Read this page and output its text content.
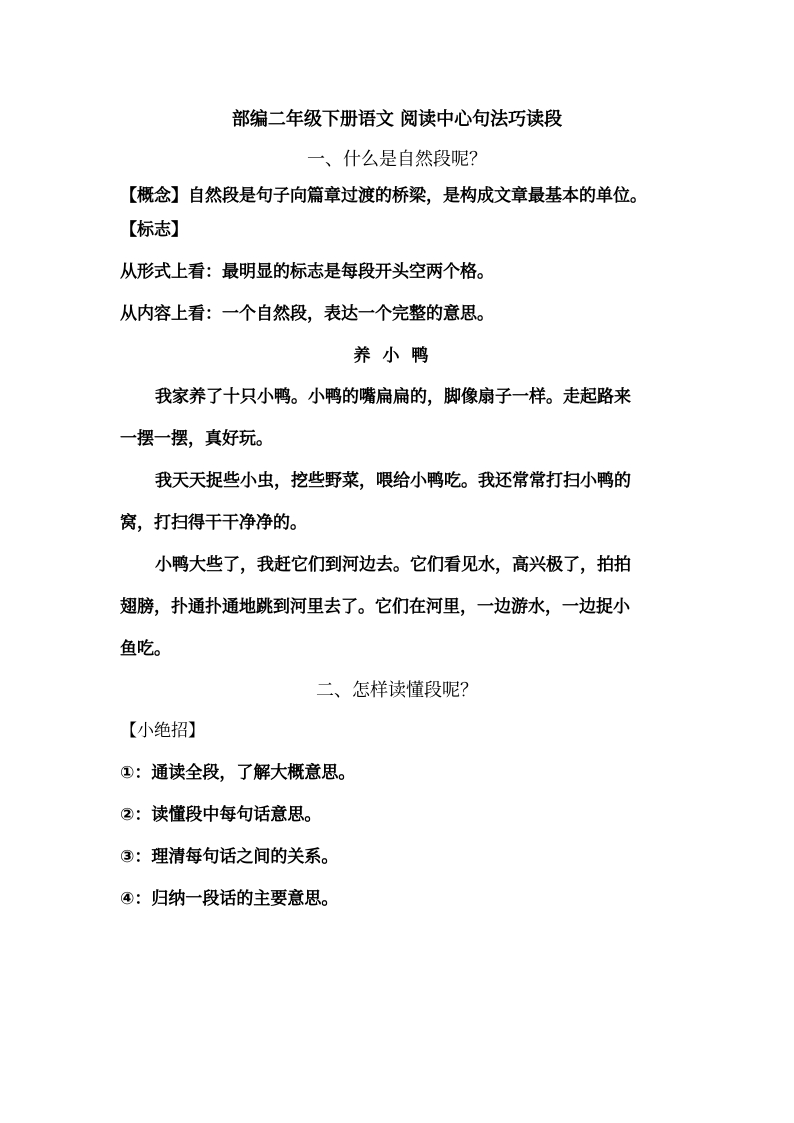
部编二年级下册语文 阅读中心句法巧读段
一、什么是自然段呢？
【概念】自然段是句子向篇章过渡的桥梁，是构成文章最基本的单位。
【标志】
从形式上看：最明显的标志是每段开头空两个格。
从内容上看：一个自然段，表达一个完整的意思。
养小鸭
我家养了十只小鸭。小鸭的嘴扁扁的，脚像扇子一样。走起路来
一摆一摆，真好玩。
我天天捉些小虫，挖些野菜，喂给小鸭吃。我还常常打扫小鸭的
窝，打扫得干干净净的。
小鸭大些了，我赶它们到河边去。它们看见水，高兴极了，拍拍
翅膀，扑通扑通地跳到河里去了。它们在河里，一边游水，一边捉小
鱼吃。
二、怎样读懂段呢？
【小绝招】
①：通读全段，了解大概意思。
②：读懂段中每句话意思。
③：理清每句话之间的关系。
④：归纳一段话的主要意思。
